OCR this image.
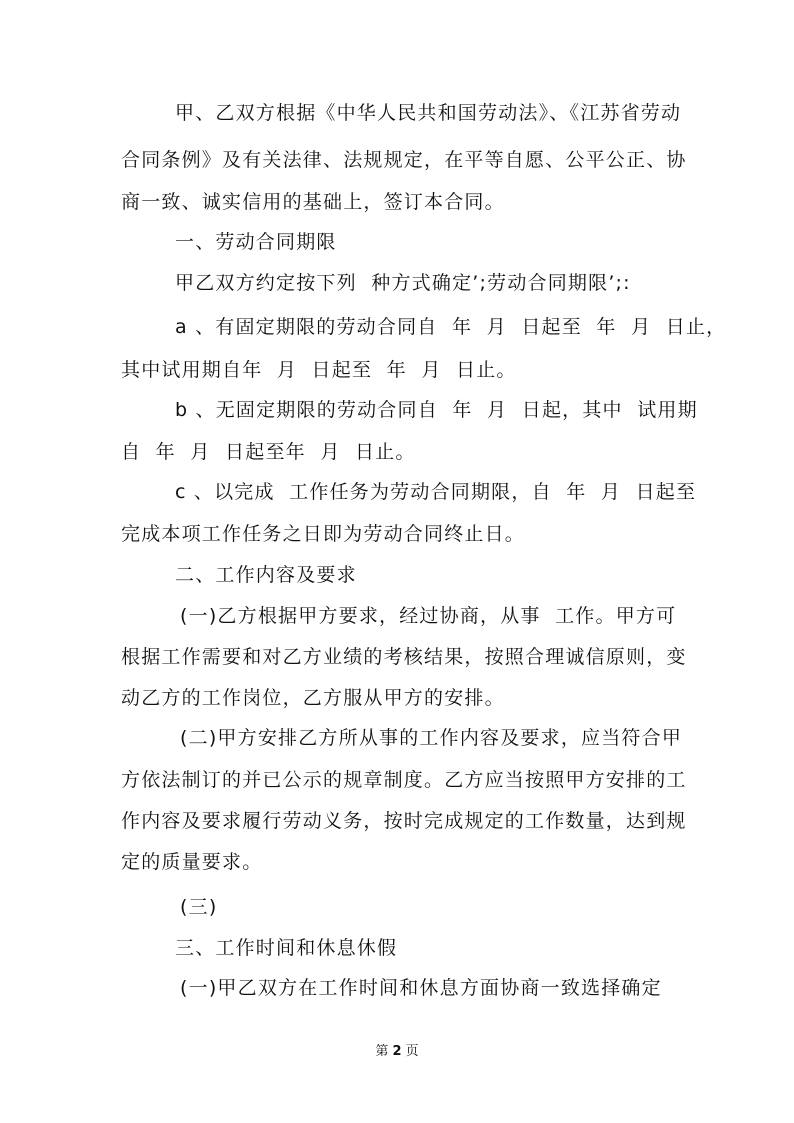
甲、乙双方根据《中华人民共和国劳动法》、《江苏省劳动
合同条例》及有关法律、法规规定，在平等自愿、公平公正、协
商一致、诚实信用的基础上，签订本合同。
一、劳动合同期限
甲乙双方约定按下列  种方式确定’;劳动合同期限’;:
a 、有固定期限的劳动合同自  年  月  日起至  年  月  日止，
其中试用期自年  月  日起至  年  月  日止。
b 、无固定期限的劳动合同自  年  月  日起，其中  试用期
自  年  月  日起至年  月  日止。
c 、以完成  工作任务为劳动合同期限，自  年  月  日起至
完成本项工作任务之日即为劳动合同终止日。
二、工作内容及要求
(一)乙方根据甲方要求，经过协商，从事  工作。甲方可
根据工作需要和对乙方业绩的考核结果，按照合理诚信原则，变
动乙方的工作岗位，乙方服从甲方的安排。
(二)甲方安排乙方所从事的工作内容及要求，应当符合甲
方依法制订的并已公示的规章制度。乙方应当按照甲方安排的工
作内容及要求履行劳动义务，按时完成规定的工作数量，达到规
定的质量要求。
(三)
三、工作时间和休息休假
(一)甲乙双方在工作时间和休息方面协商一致选择确定
第 2 页
